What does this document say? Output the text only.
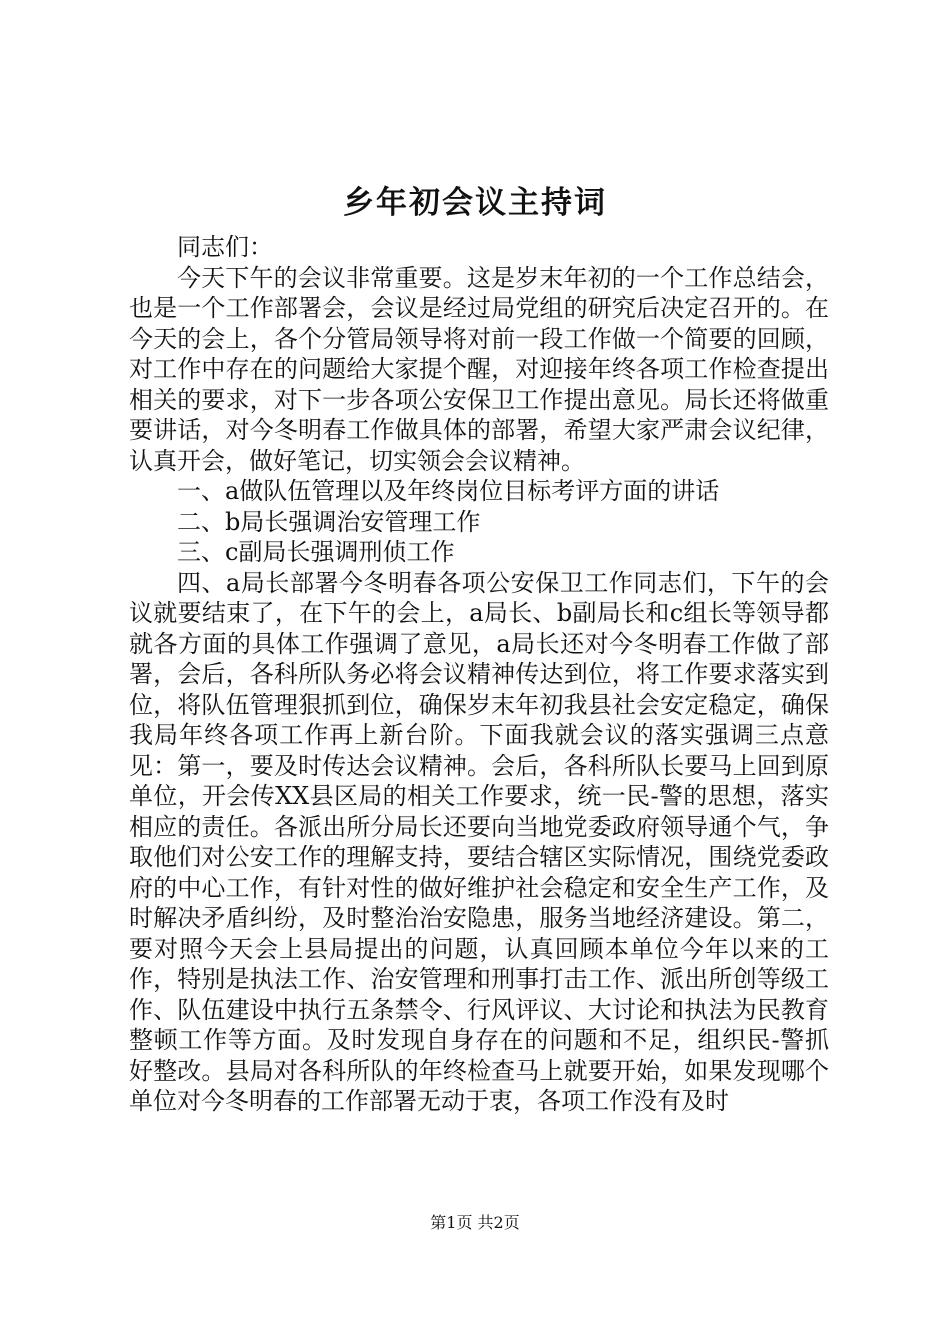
乡年初会议主持词

同志们：

今天下午的会议非常重要。这是岁末年初的一个工作总结会，也是一个工作部署会，会议是经过局党组的研究后决定召开的。在今天的会上，各个分管局领导将对前一段工作做一个简要的回顾，对工作中存在的问题给大家提个醒，对迎接年终各项工作检查提出相关的要求，对下一步各项公安保卫工作提出意见。局长还将做重要讲话，对今冬明春工作做具体的部署，希望大家严肃会议纪律，认真开会，做好笔记，切实领会会议精神。

一、a做队伍管理以及年终岗位目标考评方面的讲话

二、b局长强调治安管理工作

三、c副局长强调刑侦工作

四、a局长部署今冬明春各项公安保卫工作同志们，下午的会议就要结束了，在下午的会上，a局长、b副局长和c组长等领导都就各方面的具体工作强调了意见，a局长还对今冬明春工作做了部署，会后，各科所队务必将会议精神传达到位，将工作要求落实到位，将队伍管理狠抓到位，确保岁末年初我县社会安定稳定，确保我局年终各项工作再上新台阶。下面我就会议的落实强调三点意见：第一，要及时传达会议精神。会后，各科所队长要马上回到原单位，开会传XX县区局的相关工作要求，统一民-警的思想，落实相应的责任。各派出所分局长还要向当地党委政府领导通个气，争取他们对公安工作的理解支持，要结合辖区实际情况，围绕党委政府的中心工作，有针对性的做好维护社会稳定和安全生产工作，及时解决矛盾纠纷，及时整治治安隐患，服务当地经济建设。第二，要对照今天会上县局提出的问题，认真回顾本单位今年以来的工作，特别是执法工作、治安管理和刑事打击工作、派出所创等级工作、队伍建设中执行五条禁令、行风评议、大讨论和执法为民教育整顿工作等方面。及时发现自身存在的问题和不足，组织民-警抓好整改。县局对各科所队的年终检查马上就要开始，如果发现哪个单位对今冬明春的工作部署无动于衷，各项工作没有及时

第1页 共2页
